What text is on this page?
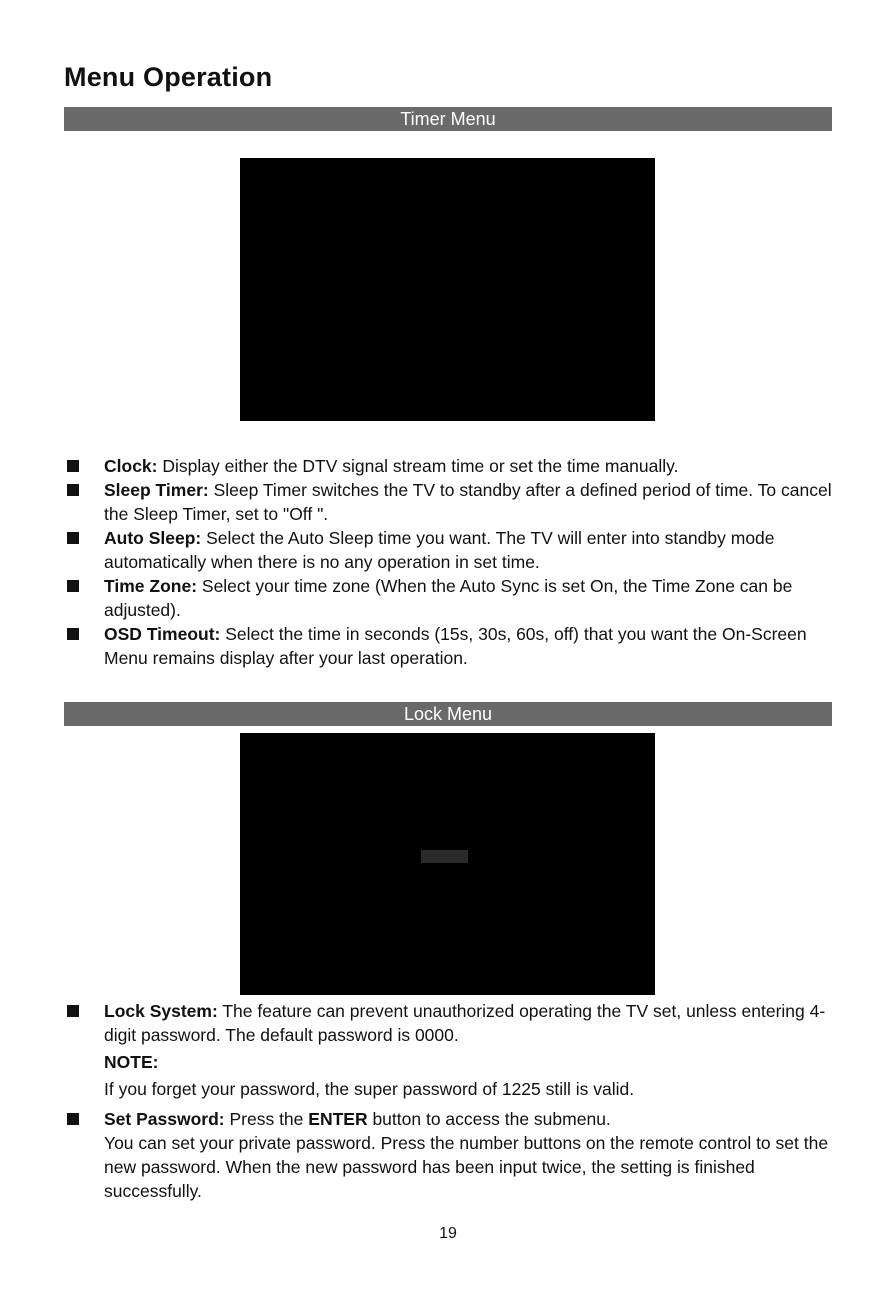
Menu Operation
Timer Menu
Clock: Display either the DTV signal stream time or set the time manually.
Sleep Timer: Sleep Timer switches the TV to standby after a defined period of time. To cancel the Sleep Timer, set to "Off ".
Auto Sleep: Select the Auto Sleep time you want. The TV will enter into standby mode automatically when there is no any operation in set time.
Time Zone: Select your time zone (When the Auto Sync is set On, the Time Zone can be adjusted).
OSD Timeout: Select the time in seconds (15s, 30s, 60s, off) that you want the On-Screen Menu remains display after your last operation.
Lock Menu
Lock System: The feature can prevent unauthorized operating the TV set, unless entering 4-digit password. The default password is 0000.
NOTE:
If you forget your password, the super password of 1225 still is valid.
Set Password: Press the ENTER button to access the submenu.
You can set your private password. Press the number buttons on the remote control to set the new password. When the new password has been input twice, the setting is finished successfully.
19
